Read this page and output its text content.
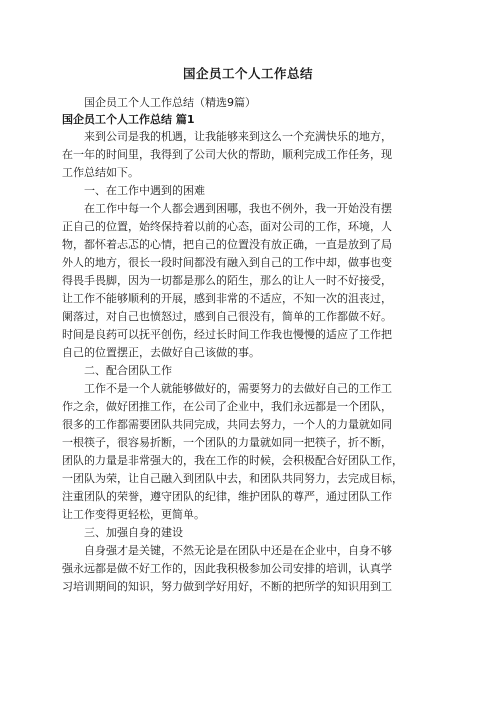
国企员工个人工作总结
国企员工个人工作总结（精选9篇）
国企员工个人工作总结 篇1
来到公司是我的机遇，让我能够来到这么一个充满快乐的地方，
在一年的时间里，我得到了公司大伙的帮助，顺利完成工作任务，现
工作总结如下。
一、在工作中遇到的困难
在工作中每一个人都会遇到困哪，我也不例外，我一开始没有摆
正自己的位置，始终保持着以前的心态，面对公司的工作，环境，人
物，都怀着忐忑的心情，把自己的位置没有放正确，一直是放到了局
外人的地方，很长一段时间都没有融入到自己的工作中却，做事也变
得畏手畏脚，因为一切都是那么的陌生，那么的让人一时不好接受，
让工作不能够顺利的开展，感到非常的不适应，不知一次的沮丧过，
阑落过，对自己也愤怒过，感到自己很没有，简单的工作都做不好。
时间是良药可以抚平创伤，经过长时间工作我也慢慢的适应了工作把
自己的位置摆正，去做好自己该做的事。
二、配合团队工作
工作不是一个人就能够做好的，需要努力的去做好自己的工作工
作之余，做好团推工作，在公司了企业中，我们永远都是一个团队，
很多的工作都需要团队共同完成，共同去努力，一个人的力量就如同
一根筷子，很容易折断，一个团队的力量就如同一把筷子，折不断，
团队的力量是非常强大的，我在工作的时候，会积极配合好团队工作，
一团队为荣，让自己融入到团队中去，和团队共同努力，去完成目标，
注重团队的荣誉，遵守团队的纪律，维护团队的尊严，通过团队工作
让工作变得更轻松，更简单。
三、加强自身的建设
自身强才是关键，不然无论是在团队中还是在企业中，自身不够
强永远都是做不好工作的，因此我积极参加公司安排的培训，认真学
习培训期间的知识，努力做到学好用好，不断的把所学的知识用到工
